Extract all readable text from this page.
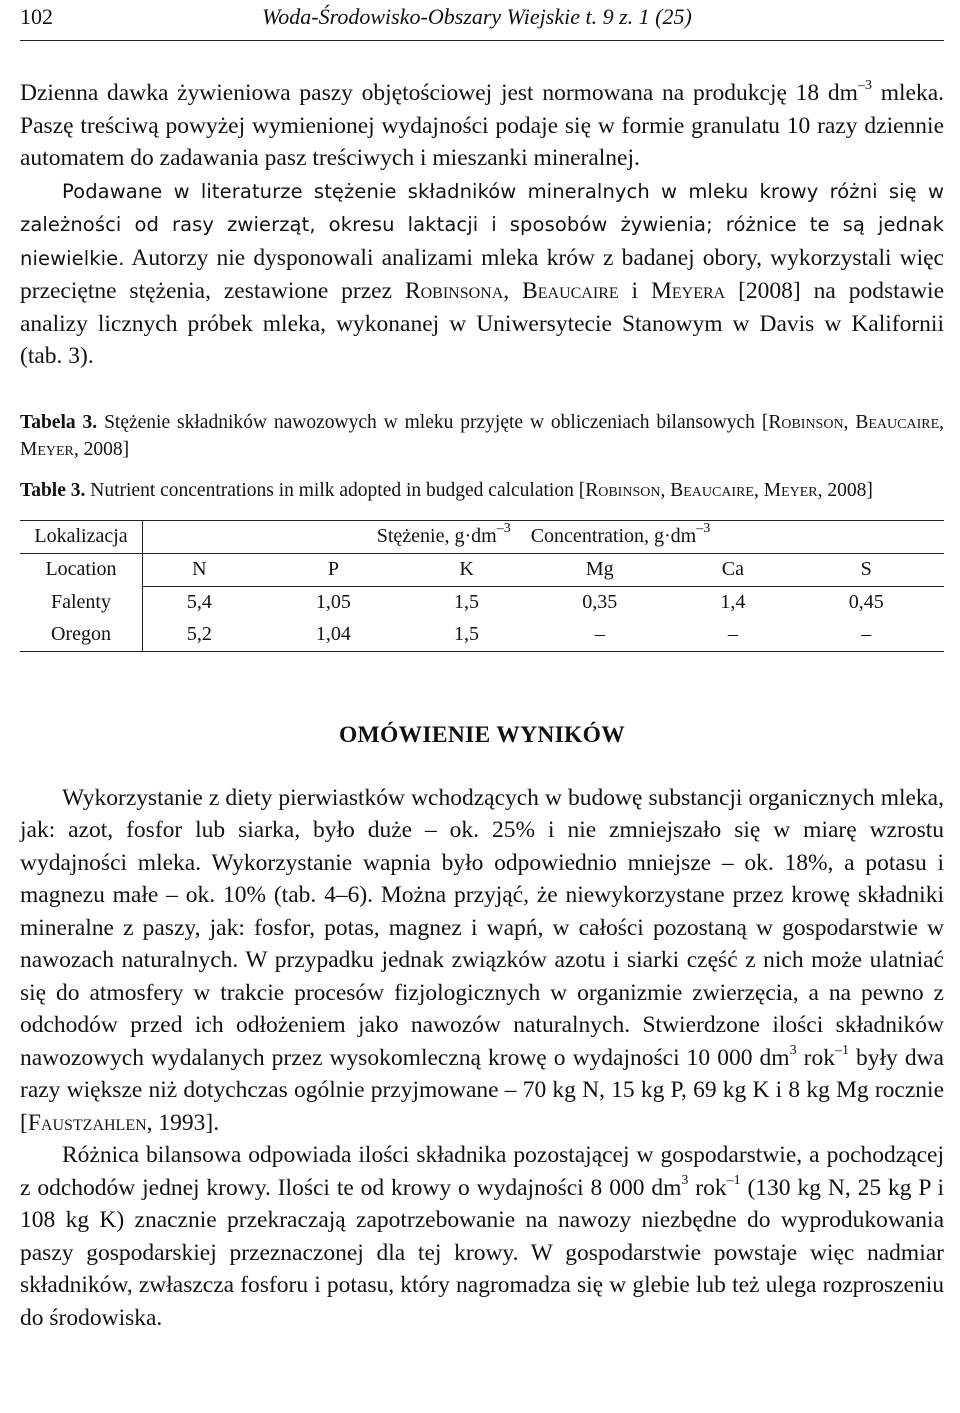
102	Woda-Środowisko-Obszary Wiejskie t. 9 z. 1 (25)

Dzienna dawka żywieniowa paszy objętościowej jest normowana na produkcję 18 $dm^{-3}$ mleka. Paszę treściwą powyżej wymienionej wydajności podaje się w formie granulatu 10 razy dziennie automatem do zadawania pasz treściwych i mieszanki mineralnej.

Podawane w literaturze stężenie składników mineralnych w mleku krowy różni się w zależności od rasy zwierząt, okresu laktacji i sposobów żywienia; różnice te są jednak niewielkie. Autorzy nie dysponowali analizami mleka krów z badanej obory, wykorzystali więc przeciętne stężenia, zestawione przez Robinsona, Beaucaire i Meyera [2008] na podstawie analizy licznych próbek mleka, wykonanej w Uniwersytecie Stanowym w Davis w Kalifornii (tab. 3).

Tabela 3. Stężenie składników nawozowych w mleku przyjęte w obliczeniach bilansowych [Robinson, Beaucaire, Meyer, 2008]

Table 3. Nutrient concentrations in milk adopted in budged calculation [Robinson, Beaucaire, Meyer, 2008]

Lokalizacja	Stężenie, $g\cdot dm^{-3}$ Concentration, $g\cdot dm^{-3}$
Location	N	P	K	Mg	Ca	S
Falenty	5,4	1,05	1,5	0,35	1,4	0,45
Oregon	5,2	1,04	1,5	–	–	–
OMÓWIENIE WYNIKÓW

Wykorzystanie z diety pierwiastków wchodzących w budowę substancji organicznych mleka, jak: azot, fosfor lub siarka, było duże – ok. 25% i nie zmniejszało się w miarę wzrostu wydajności mleka. Wykorzystanie wapnia było odpowiednio mniejsze – ok. 18%, a potasu i magnezu małe – ok. 10% (tab. 4–6). Można przyjąć, że niewykorzystane przez krowę składniki mineralne z paszy, jak: fosfor, potas, magnez i wapń, w całości pozostaną w gospodarstwie w nawozach naturalnych. W przypadku jednak związków azotu i siarki część z nich może ulatniać się do atmosfery w trakcie procesów fizjologicznych w organizmie zwierzęcia, a na pewno z odchodów przed ich odłożeniem jako nawozów naturalnych. Stwierdzone ilości składników nawozowych wydalanych przez wysokomleczną krowę o wydajności 10 000 $dm^3$ rok$^{-1}$ były dwa razy większe niż dotychczas ogólnie przyjmowane – 70 kg N, 15 kg P, 69 kg K i 8 kg Mg rocznie [Faustzahlen, 1993].

Różnica bilansowa odpowiada ilości składnika pozostającej w gospodarstwie, a pochodzącej z odchodów jednej krowy. Ilości te od krowy o wydajności 8 000 $dm^3$ rok$^{-1}$ (130 kg N, 25 kg P i 108 kg K) znacznie przekraczają zapotrzebowanie na nawozy niezbędne do wyprodukowania paszy gospodarskiej przeznaczonej dla tej krowy. W gospodarstwie powstaje więc nadmiar składników, zwłaszcza fosforu i potasu, który nagromadza się w glebie lub też ulega rozproszeniu do środowiska.
